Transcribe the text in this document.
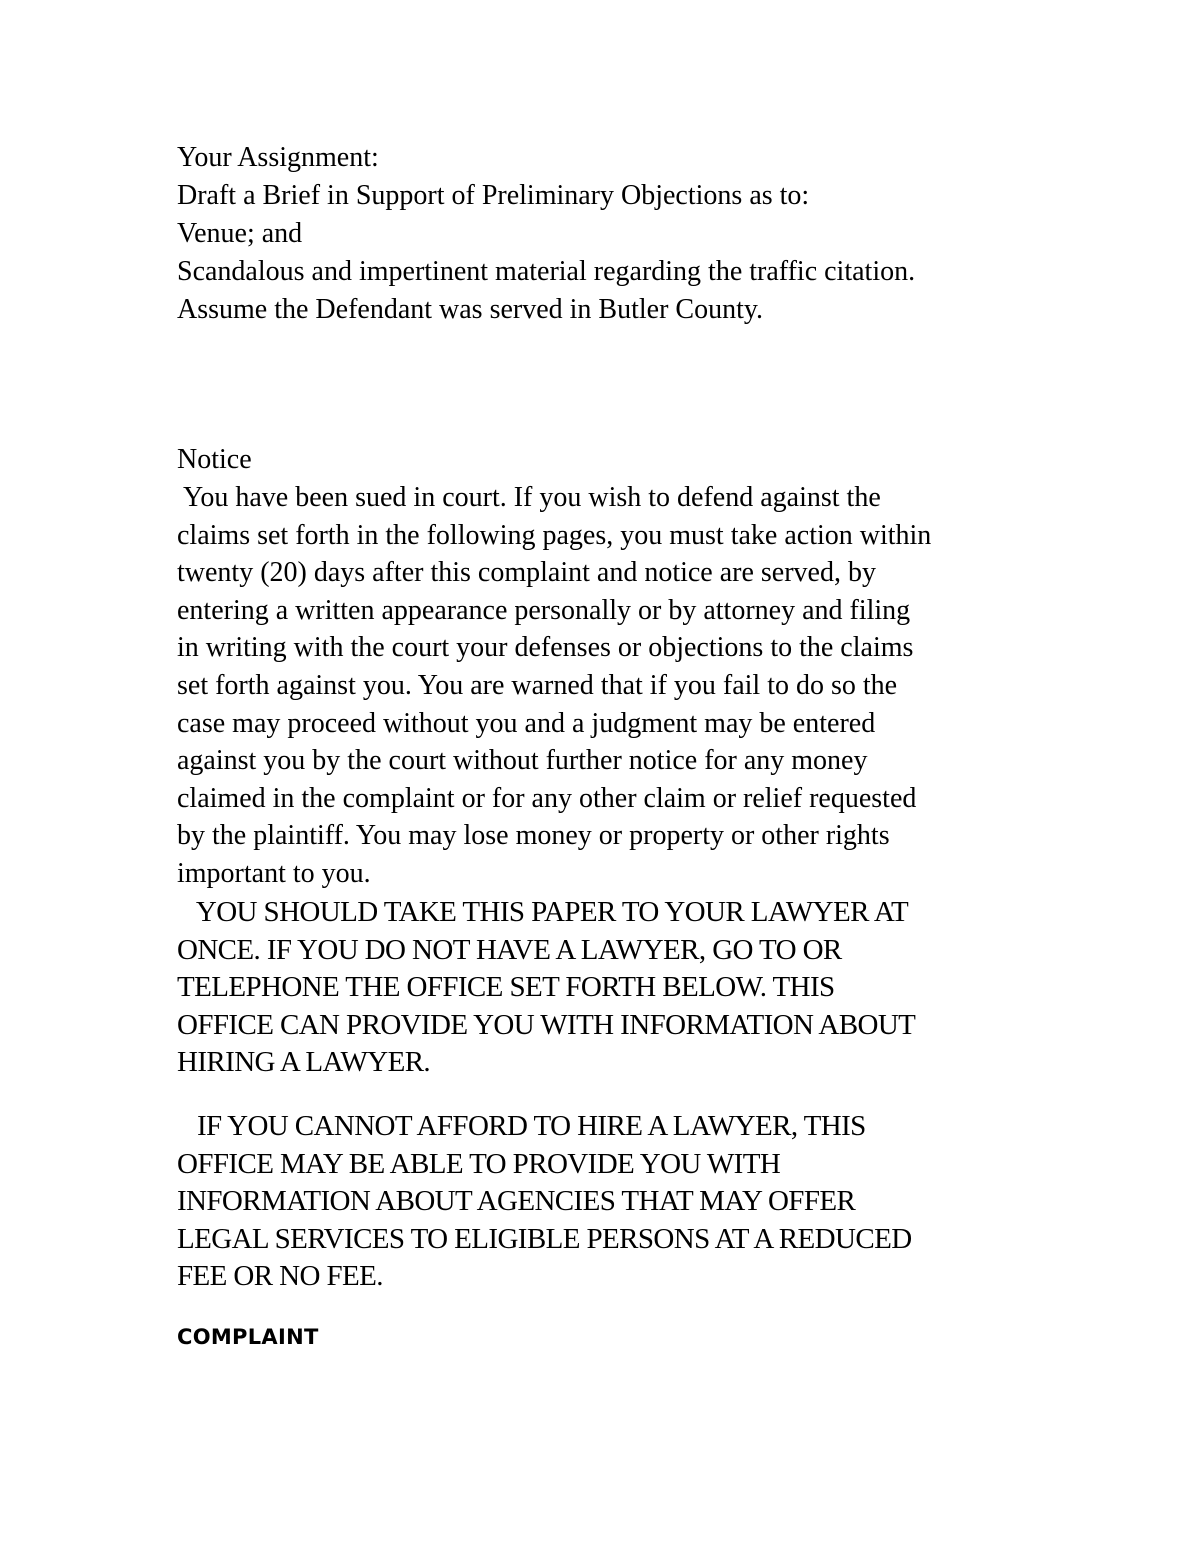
Your Assignment:
Draft a Brief in Support of Preliminary Objections as to:
Venue; and
Scandalous and impertinent material regarding the traffic citation.
Assume the Defendant was served in Butler County.
Notice
You have been sued in court. If you wish to defend against the
claims set forth in the following pages, you must take action within
twenty (20) days after this complaint and notice are served, by
entering a written appearance personally or by attorney and filing
in writing with the court your defenses or objections to the claims
set forth against you. You are warned that if you fail to do so the
case may proceed without you and a judgment may be entered
against you by the court without further notice for any money
claimed in the complaint or for any other claim or relief requested
by the plaintiff. You may lose money or property or other rights
important to you.
YOU SHOULD TAKE THIS PAPER TO YOUR LAWYER AT
ONCE. IF YOU DO NOT HAVE A LAWYER, GO TO OR
TELEPHONE THE OFFICE SET FORTH BELOW. THIS
OFFICE CAN PROVIDE YOU WITH INFORMATION ABOUT
HIRING A LAWYER.
IF YOU CANNOT AFFORD TO HIRE A LAWYER, THIS
OFFICE MAY BE ABLE TO PROVIDE YOU WITH
INFORMATION ABOUT AGENCIES THAT MAY OFFER
LEGAL SERVICES TO ELIGIBLE PERSONS AT A REDUCED
FEE OR NO FEE.
COMPLAINT
